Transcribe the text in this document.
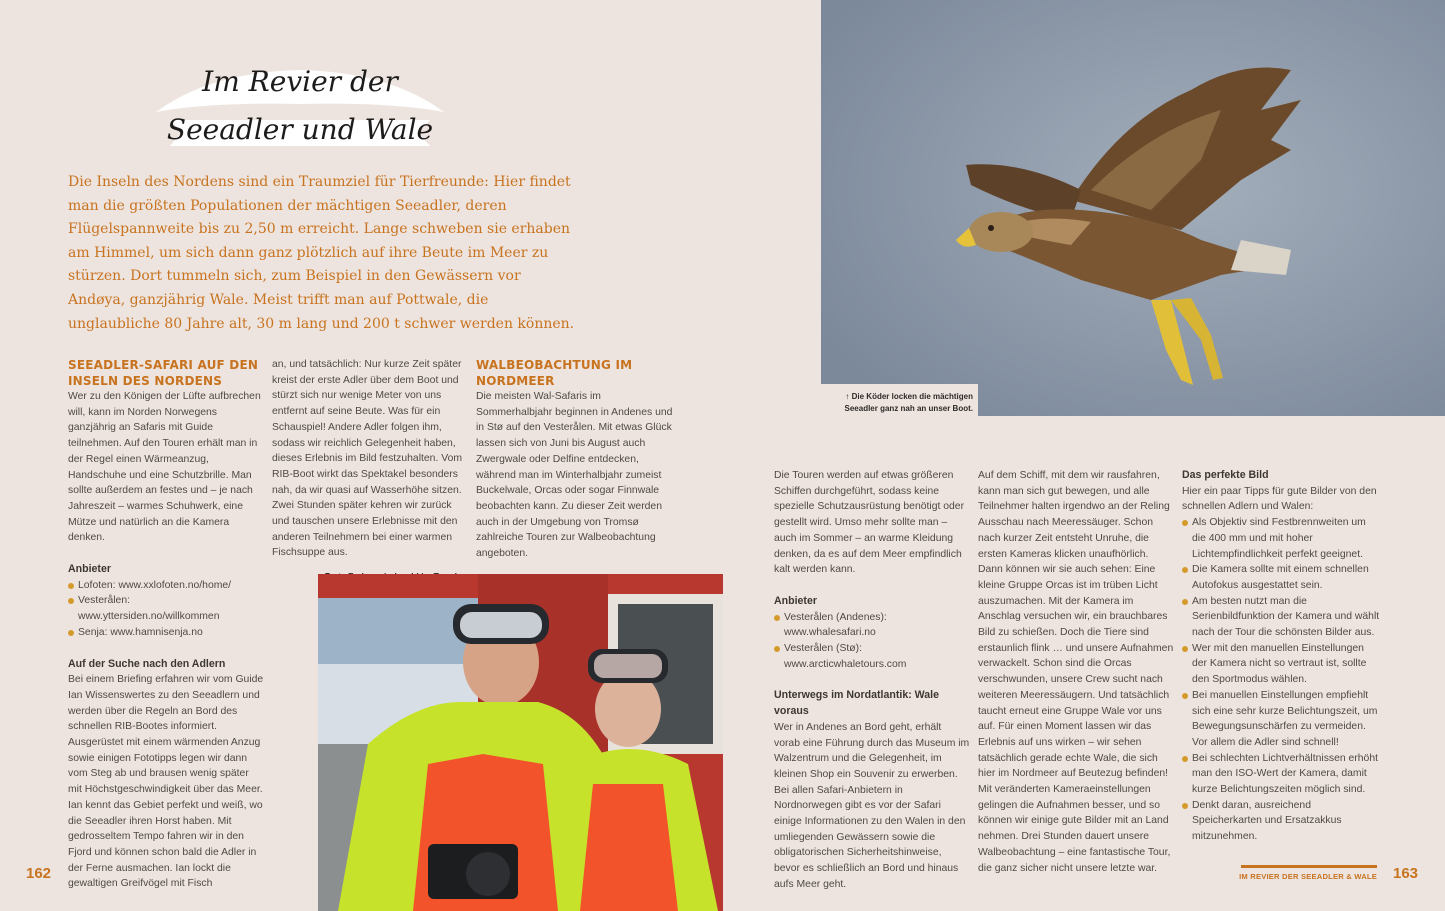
Im Revier der
Seeadler und Wale
Die Inseln des Nordens sind ein Traumziel für Tierfreunde: Hier findet man die größten Populationen der mächtigen Seeadler, deren Flügelspannweite bis zu 2,50 m erreicht. Lange schweben sie erhaben am Himmel, um sich dann ganz plötzlich auf ihre Beute im Meer zu stürzen. Dort tummeln sich, zum Beispiel in den Gewässern vor Andøya, ganzjährig Wale. Meist trifft man auf Pottwale, die unglaubliche 80 Jahre alt, 30 m lang und 200 t schwer werden können.
SEEADLER-SAFARI AUF DEN INSELN DES NORDENS

Wer zu den Königen der Lüfte aufbrechen will, kann im Norden Norwegens ganzjährig an Safaris mit Guide teilnehmen. Auf den Touren erhält man in der Regel einen Wärmeanzug, Handschuhe und eine Schutzbrille. Man sollte außerdem an festes und – je nach Jahreszeit – warmes Schuhwerk, eine Mütze und natürlich an die Kamera denken.

Anbieter
Lofoten: www.xxlofoten.no/home/
Vesterålen: www.yttersiden.no/willkommen
Senja: www.hamnisenja.no
Auf der Suche nach den Adlern

Bei einem Briefing erfahren wir vom Guide Ian Wissenswertes zu den Seeadlern und werden über die Regeln an Bord des schnellen RIB-Bootes informiert. Ausgerüstet mit einem wärmenden Anzug sowie einigen Fototipps legen wir dann vom Steg ab und brausen wenig später mit Höchstgeschwindigkeit über das Meer. Ian kennt das Gebiet perfekt und weiß, wo die Seeadler ihren Horst haben. Mit gedrosseltem Tempo fahren wir in den Fjord und können schon bald die Adler in der Ferne ausmachen. Ian lockt die gewaltigen Greifvögel mit Fisch

an, und tatsächlich: Nur kurze Zeit später kreist der erste Adler über dem Boot und stürzt sich nur wenige Meter von uns entfernt auf seine Beute. Was für ein Schauspiel! Andere Adler folgen ihm, sodass wir reichlich Gelegenheit haben, dieses Erlebnis im Bild festzuhalten. Vom RIB-Boot wirkt das Spektakel besonders nah, da wir quasi auf Wasserhöhe sitzen. Zwei Stunden später kehren wir zurück und tauschen unsere Erlebnisse mit den anderen Teilnehmern bei einer warmen Fischsuppe aus.

WALBEOBACHTUNG IM NORDMEER

Die meisten Wal-Safaris im Sommerhalbjahr beginnen in Andenes und in Stø auf den Vesterålen. Mit etwas Glück lassen sich von Juni bis August auch Zwergwale oder Delfine entdecken, während man im Winterhalbjahr zumeist Buckelwale, Orcas oder sogar Finnwale beobachten kann. Zu dieser Zeit werden auch in der Umgebung von Tromsø zahlreiche Touren zur Walbeobachtung angeboten.

↑ Die Köder locken die mächtigen Seeadler ganz nah an unser Boot.

Die Touren werden auf etwas größeren Schiffen durchgeführt, sodass keine spezielle Schutzausrüstung benötigt oder gestellt wird. Umso mehr sollte man – auch im Sommer – an warme Kleidung denken, da es auf dem Meer empfindlich kalt werden kann.

Anbieter
Vesterålen (Andenes): www.whalesafari.no
Vesterålen (Stø): www.arcticwhaletours.com
Unterwegs im Nordatlantik: Wale voraus

Wer in Andenes an Bord geht, erhält vorab eine Führung durch das Museum im Walzentrum und die Gelegenheit, im kleinen Shop ein Souvenir zu erwerben. Bei allen Safari-Anbietern in Nordnorwegen gibt es vor der Safari einige Informationen zu den Walen in den umliegenden Gewässern sowie die obligatorischen Sicherheitshinweise, bevor es schließlich an Bord und hinaus aufs Meer geht.

Auf dem Schiff, mit dem wir rausfahren, kann man sich gut bewegen, und alle Teilnehmer halten irgendwo an der Reling Ausschau nach Meeressäuger. Schon nach kurzer Zeit entsteht Unruhe, die ersten Kameras klicken unaufhörlich. Dann können wir sie auch sehen: Eine kleine Gruppe Orcas ist im trüben Licht auszumachen. Mit der Kamera im Anschlag versuchen wir, ein brauchbares Bild zu schießen. Doch die Tiere sind erstaunlich flink … und unsere Aufnahmen verwackelt. Schon sind die Orcas verschwunden, unsere Crew sucht nach weiteren Meeressäugern. Und tatsächlich taucht erneut eine Gruppe Wale vor uns auf. Für einen Moment lassen wir das Erlebnis auf uns wirken – wir sehen tatsächlich gerade echte Wale, die sich hier im Nordmeer auf Beutezug befinden! Mit veränderten Kameraeinstellungen gelingen die Aufnahmen besser, und so können wir einige gute Bilder mit an Land nehmen. Drei Stunden dauert unsere Walbeobachtung – eine fantastische Tour, die ganz sicher nicht unsere letzte war.

Das perfekte Bild

Hier ein paar Tipps für gute Bilder von den schnellen Adlern und Walen:

Als Objektiv sind Festbrennweiten um die 400 mm und mit hoher Lichtempfindlichkeit perfekt geeignet.
Die Kamera sollte mit einem schnellen Autofokus ausgestattet sein.
Am besten nutzt man die Serienbildfunktion der Kamera und wählt nach der Tour die schönsten Bilder aus.
Wer mit den manuellen Einstellungen der Kamera nicht so vertraut ist, sollte den Sportmodus wählen.
Bei manuellen Einstellungen empfiehlt sich eine sehr kurze Belichtungszeit, um Bewegungsunschärfen zu vermeiden. Vor allem die Adler sind schnell!
Bei schlechten Lichtverhältnissen erhöht man den ISO-Wert der Kamera, damit kurze Belichtungszeiten möglich sind.
Denkt daran, ausreichend Speicherkarten und Ersatzakkus mitzunehmen.
162	IM REVIER DER SEEADLER & WALE 163
